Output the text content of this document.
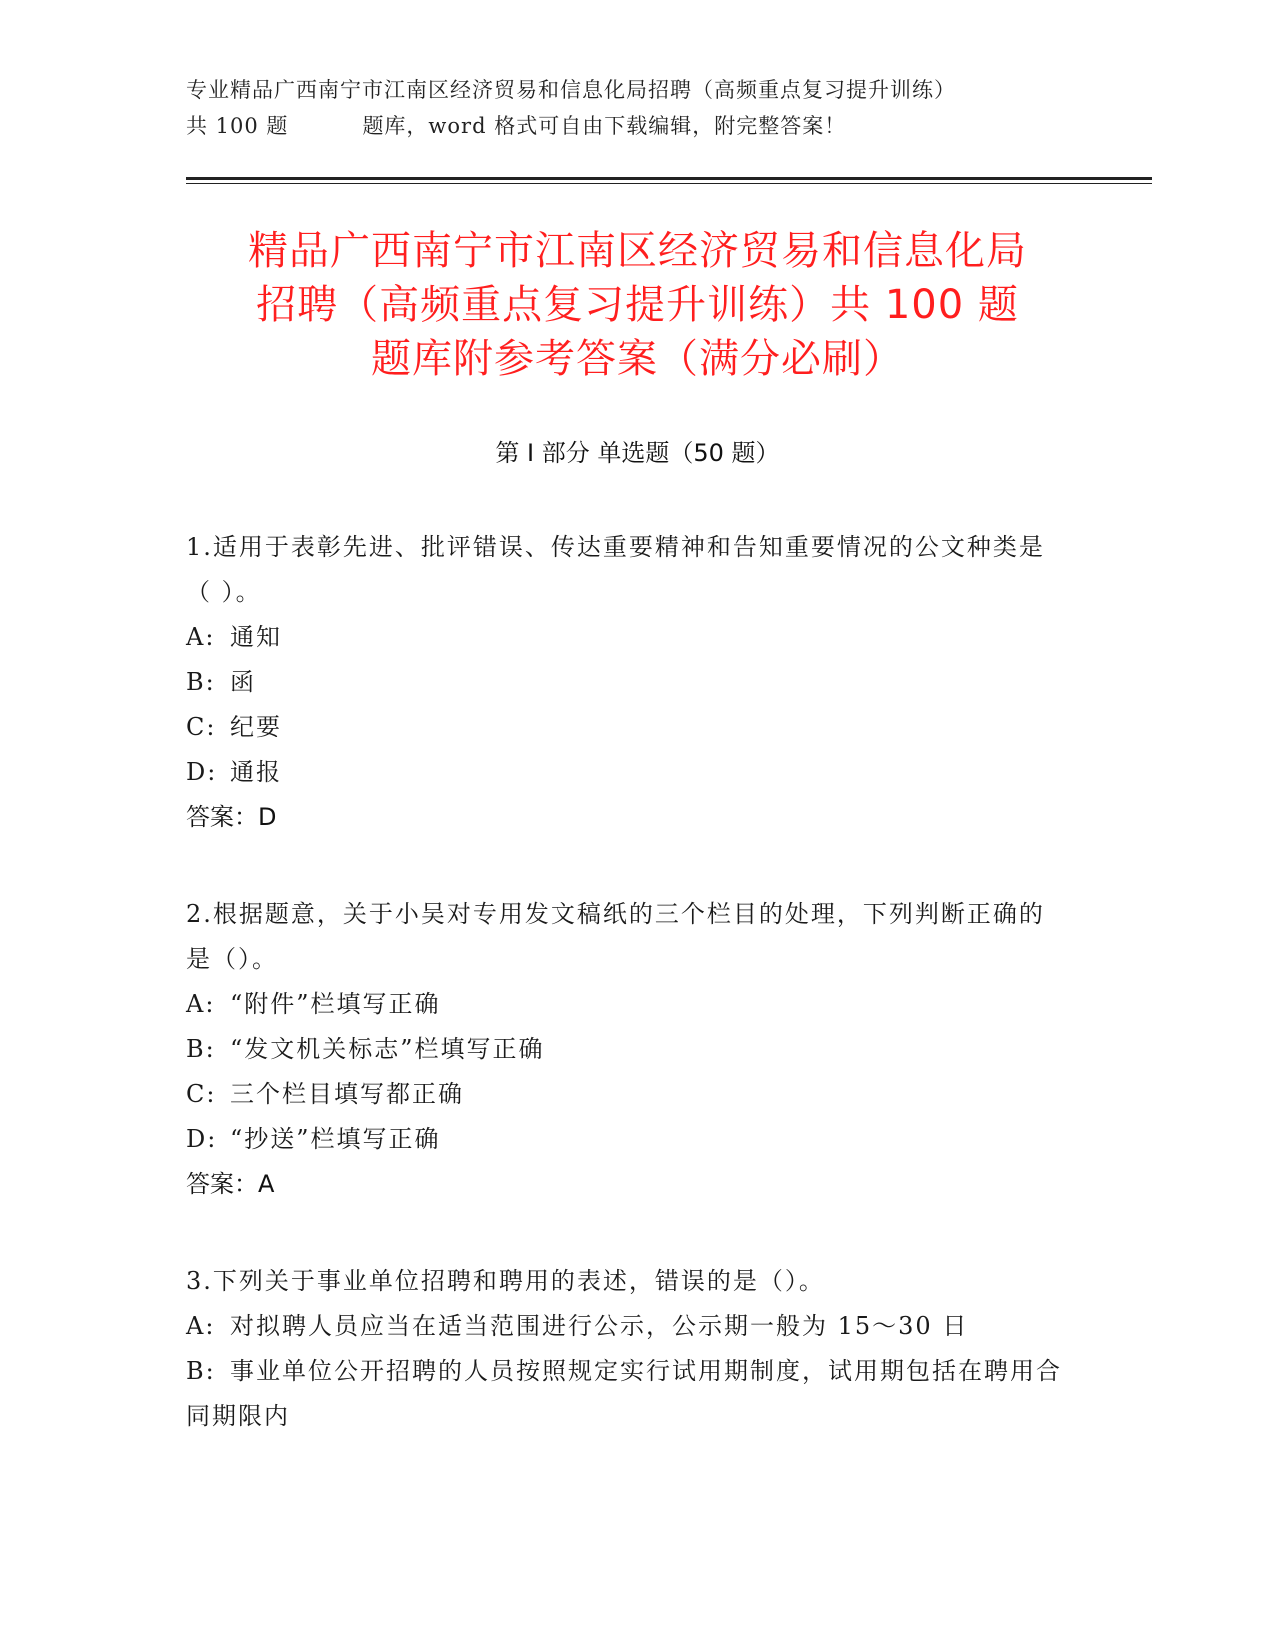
专业精品广西南宁市江南区经济贸易和信息化局招聘（高频重点复习提升训练）
共 100 题	题库，word 格式可自由下载编辑，附完整答案！
精品广西南宁市江南区经济贸易和信息化局
招聘（高频重点复习提升训练）共 100 题
题库附参考答案（满分必刷）
第 I 部分 单选题（50 题）
1.适用于表彰先进、批评错误、传达重要精神和告知重要情况的公文种类是（ ）。
A: 通知
B: 函
C: 纪要
D: 通报
答案：D
2.根据题意，关于小吴对专用发文稿纸的三个栏目的处理，下列判断正确的是（）。
A: “附件”栏填写正确
B: “发文机关标志”栏填写正确
C: 三个栏目填写都正确
D: “抄送”栏填写正确
答案：A
3.下列关于事业单位招聘和聘用的表述，错误的是（）。
A: 对拟聘人员应当在适当范围进行公示，公示期一般为 15～30 日
B: 事业单位公开招聘的人员按照规定实行试用期制度，试用期包括在聘用合同期限内
